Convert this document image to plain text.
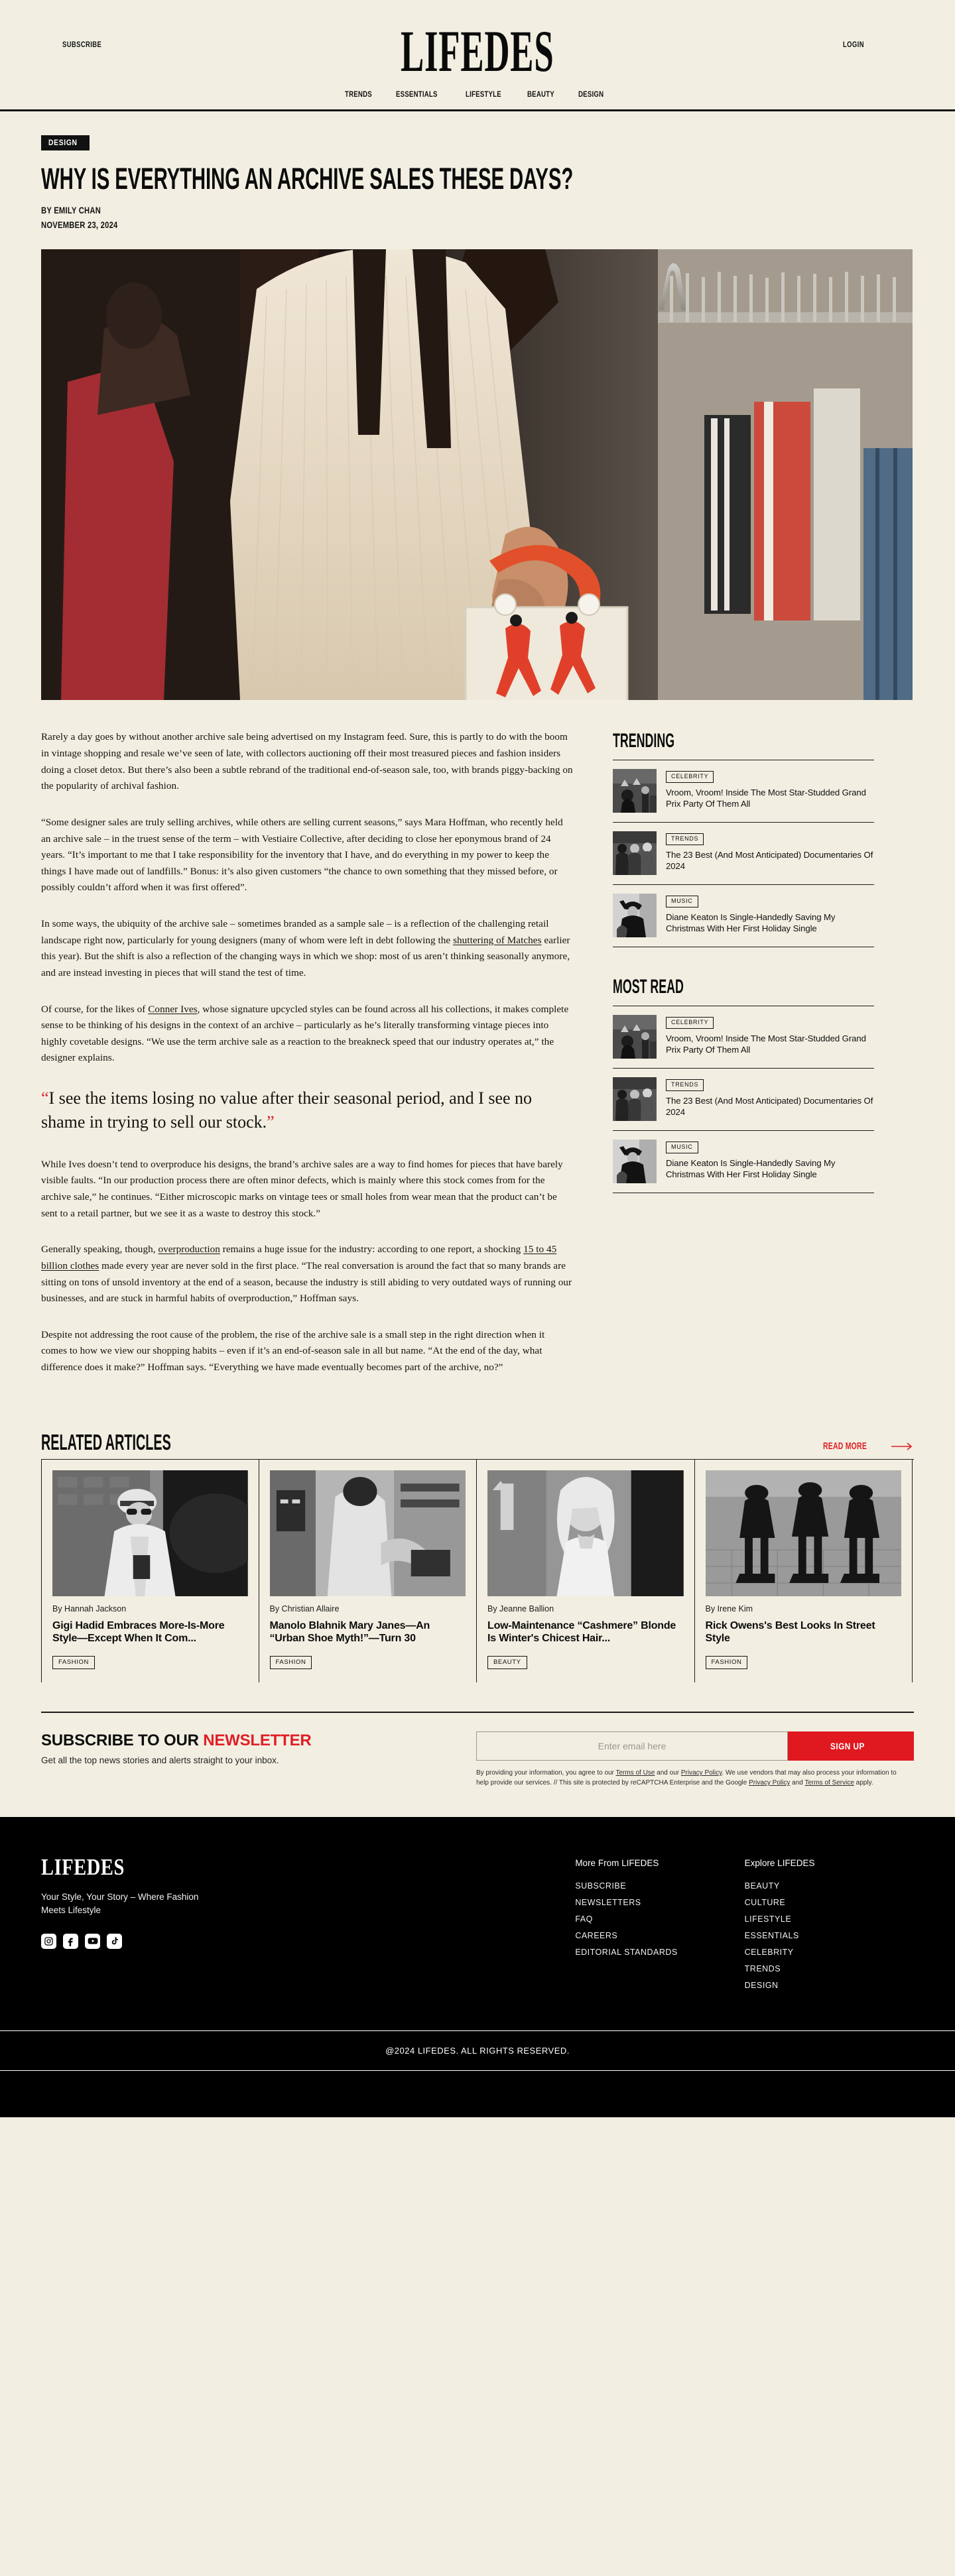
SUBSCRIBE	LIFEDES	LOGIN
TRENDS	ESSENTIALS	LIFESTYLE	BEAUTY	DESIGN
DESIGN
WHY IS EVERYTHING AN ARCHIVE SALES THESE DAYS?
BY EMILY CHAN
NOVEMBER 23, 2024

Rarely a day goes by without another archive sale being advertised on my Instagram feed. Sure, this is partly to do with the boom in vintage shopping and resale we’ve seen of late, with collectors auctioning off their most treasured pieces and fashion insiders doing a closet detox. But there’s also been a subtle rebrand of the traditional end-of-season sale, too, with brands piggy-backing on the popularity of archival fashion.

“Some designer sales are truly selling archives, while others are selling current seasons,” says Mara Hoffman, who recently held an archive sale – in the truest sense of the term – with Vestiaire Collective, after deciding to close her eponymous brand of 24 years. “It’s important to me that I take responsibility for the inventory that I have, and do everything in my power to keep the things I have made out of landfills.” Bonus: it’s also given customers “the chance to own something that they missed before, or possibly couldn’t afford when it was first offered”.

In some ways, the ubiquity of the archive sale – sometimes branded as a sample sale – is a reflection of the challenging retail landscape right now, particularly for young designers (many of whom were left in debt following the shuttering of Matches earlier this year). But the shift is also a reflection of the changing ways in which we shop: most of us aren’t thinking seasonally anymore, and are instead investing in pieces that will stand the test of time.

Of course, for the likes of Conner Ives, whose signature upcycled styles can be found across all his collections, it makes complete sense to be thinking of his designs in the context of an archive – particularly as he’s literally transforming vintage pieces into highly covetable designs. “We use the term archive sale as a reaction to the breakneck speed that our industry operates at,” the designer explains.

“I see the items losing no value after their seasonal period, and I see no shame in trying to sell our stock.”

While Ives doesn’t tend to overproduce his designs, the brand’s archive sales are a way to find homes for pieces that have barely visible faults. “In our production process there are often minor defects, which is mainly where this stock comes from for the archive sale,” he continues. “Either microscopic marks on vintage tees or small holes from wear mean that the product can’t be sent to a retail partner, but we see it as a waste to destroy this stock.”

Generally speaking, though, overproduction remains a huge issue for the industry: according to one report, a shocking 15 to 45 billion clothes made every year are never sold in the first place. “The real conversation is around the fact that so many brands are sitting on tons of unsold inventory at the end of a season, because the industry is still abiding to very outdated ways of running our businesses, and are stuck in harmful habits of overproduction,” Hoffman says.

Despite not addressing the root cause of the problem, the rise of the archive sale is a small step in the right direction when it comes to how we view our shopping habits – even if it’s an end-of-season sale in all but name. “At the end of the day, what difference does it make?” Hoffman says. “Everything we have made eventually becomes part of the archive, no?”

TRENDING
CELEBRITY
Vroom, Vroom! Inside The Most Star-Studded Grand Prix Party Of Them All
TRENDS
The 23 Best (And Most Anticipated) Documentaries Of 2024
MUSIC
Diane Keaton Is Single-Handedly Saving My Christmas With Her First Holiday Single
MOST READ
CELEBRITY
Vroom, Vroom! Inside The Most Star-Studded Grand Prix Party Of Them All
TRENDS
The 23 Best (And Most Anticipated) Documentaries Of 2024
MUSIC
Diane Keaton Is Single-Handedly Saving My Christmas With Her First Holiday Single
RELATED ARTICLES	READ MORE
By Hannah Jackson
Gigi Hadid Embraces More-Is-More Style—Except When It Com...
FASHION
By Christian Allaire
Manolo Blahnik Mary Janes—An “Urban Shoe Myth!”—Turn 30
FASHION
By Jeanne Ballion
Low-Maintenance “Cashmere” Blonde Is Winter's Chicest Hair...
BEAUTY
By Irene Kim
Rick Owens's Best Looks In Street Style
FASHION
SUBSCRIBE TO OUR NEWSLETTER

Get all the top news stories and alerts straight to your inbox.

Enter email here
SIGN UP

By providing your information, you agree to our Terms of Use and our Privacy Policy. We use vendors that may also process your information to help provide our services. // This site is protected by reCAPTCHA Enterprise and the Google Privacy Policy and Terms of Service apply.

LIFEDES

Your Style, Your Story – Where Fashion Meets Lifestyle

More From LIFEDES
SUBSCRIBE
NEWSLETTERS
FAQ
CAREERS
EDITORIAL STANDARDS
Explore LIFEDES
BEAUTY
CULTURE
LIFESTYLE
ESSENTIALS
CELEBRITY
TRENDS
DESIGN
@2024 LIFEDES. ALL RIGHTS RESERVED.
